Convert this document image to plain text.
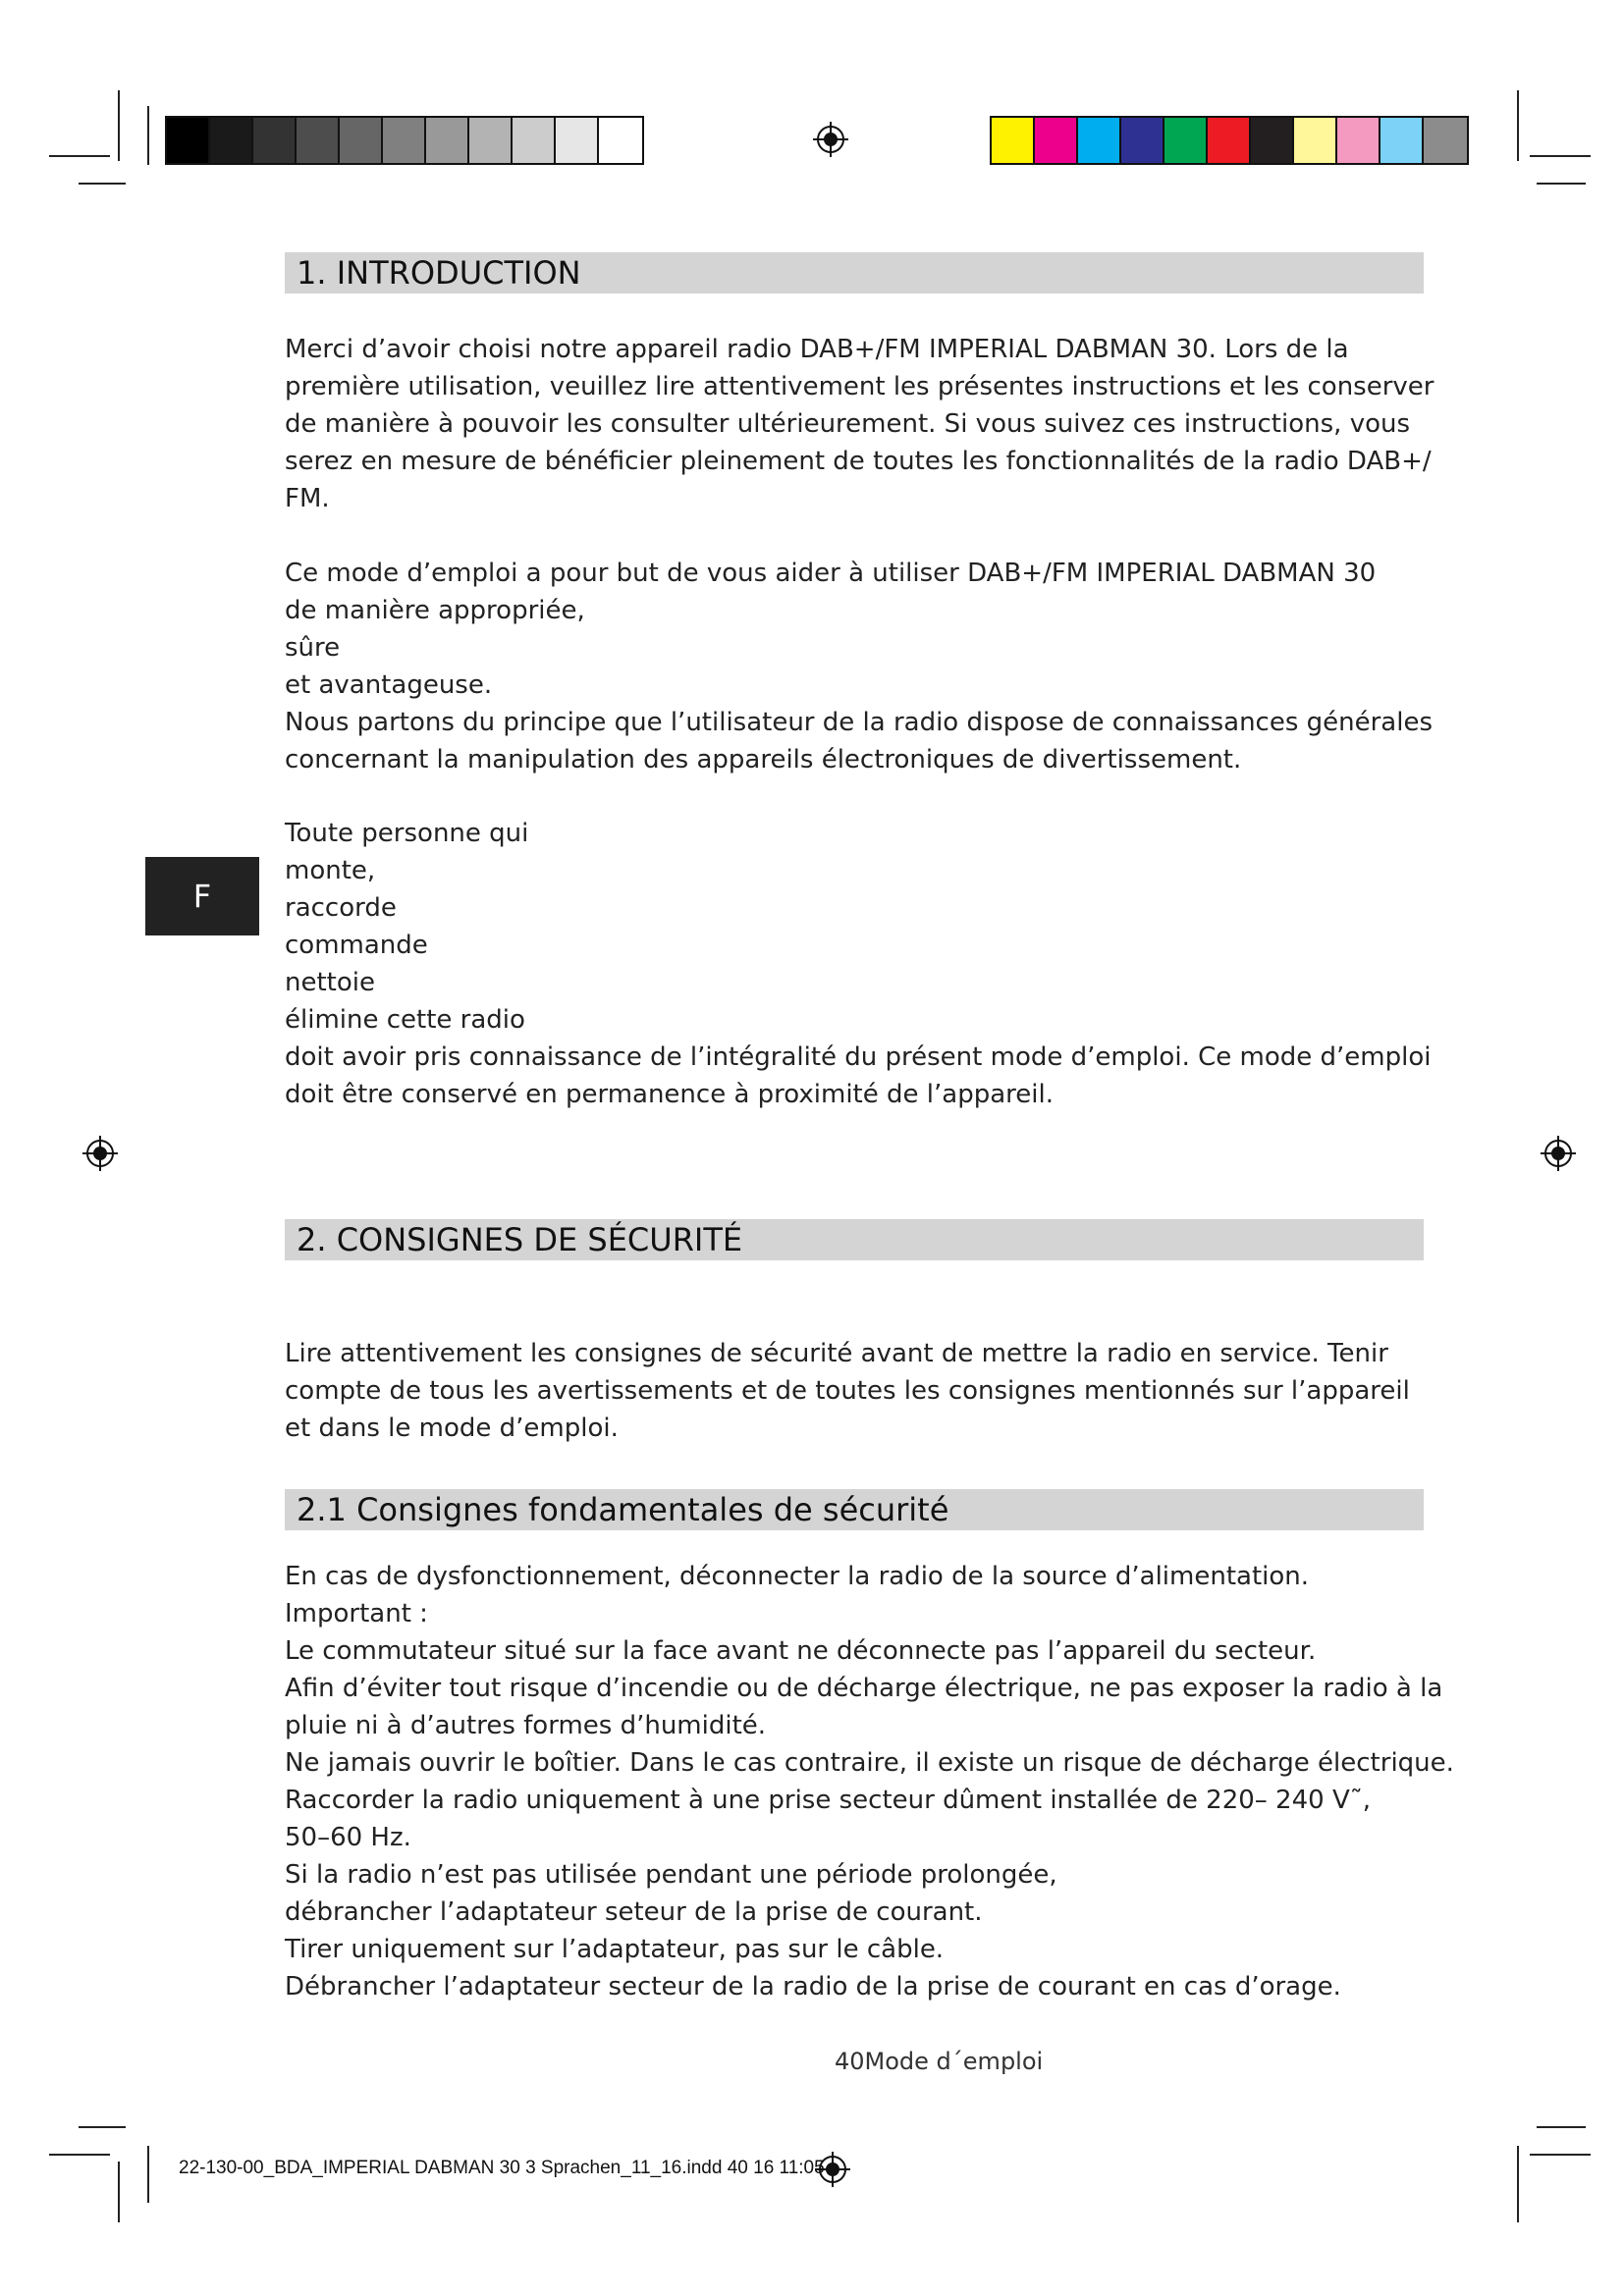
F
1. INTRODUCTION
Merci d’avoir choisi notre appareil radio DAB+/FM IMPERIAL DABMAN 30. Lors de la
première utilisation, veuillez lire attentivement les présentes instructions et les conserver
de manière à pouvoir les consulter ultérieurement. Si vous suivez ces instructions, vous
serez en mesure de bénéficier pleinement de toutes les fonctionnalités de la radio DAB+/
FM.
Ce mode d’emploi a pour but de vous aider à utiliser DAB+/FM IMPERIAL DABMAN 30
de manière appropriée,
sûre
et avantageuse.
Nous partons du principe que l’utilisateur de la radio dispose de connaissances générales
concernant la manipulation des appareils électroniques de divertissement.
Toute personne qui
monte,
raccorde
commande
nettoie
élimine cette radio
doit avoir pris connaissance de l’intégralité du présent mode d’emploi. Ce mode d’emploi
doit être conservé en permanence à proximité de l’appareil.
2. CONSIGNES DE SÉCURITÉ
Lire attentivement les consignes de sécurité avant de mettre la radio en service. Tenir
compte de tous les avertissements et de toutes les consignes mentionnés sur l’appareil
et dans le mode d’emploi.
2.1 Consignes fondamentales de sécurité
En cas de dysfonctionnement, déconnecter la radio de la source d’alimentation.
Important :
Le commutateur situé sur la face avant ne déconnecte pas l’appareil du secteur.
Afin d’éviter tout risque d’incendie ou de décharge électrique, ne pas exposer la radio à la
pluie ni à d’autres formes d’humidité.
Ne jamais ouvrir le boîtier. Dans le cas contraire, il existe un risque de décharge électrique.
Raccorder la radio uniquement à une prise secteur dûment installée de 220– 240 V˜,
50–60 Hz.
Si la radio n’est pas utilisée pendant une période prolongée,
débrancher l’adaptateur seteur de la prise de courant.
Tirer uniquement sur l’adaptateur, pas sur le câble.
Débrancher l’adaptateur secteur de la radio de la prise de courant en cas d’orage.
40Mode d´emploi
22-130-00_BDA_IMPERIAL DABMAN 30 3 Sprachen_11_16.indd 40 16 11:05
